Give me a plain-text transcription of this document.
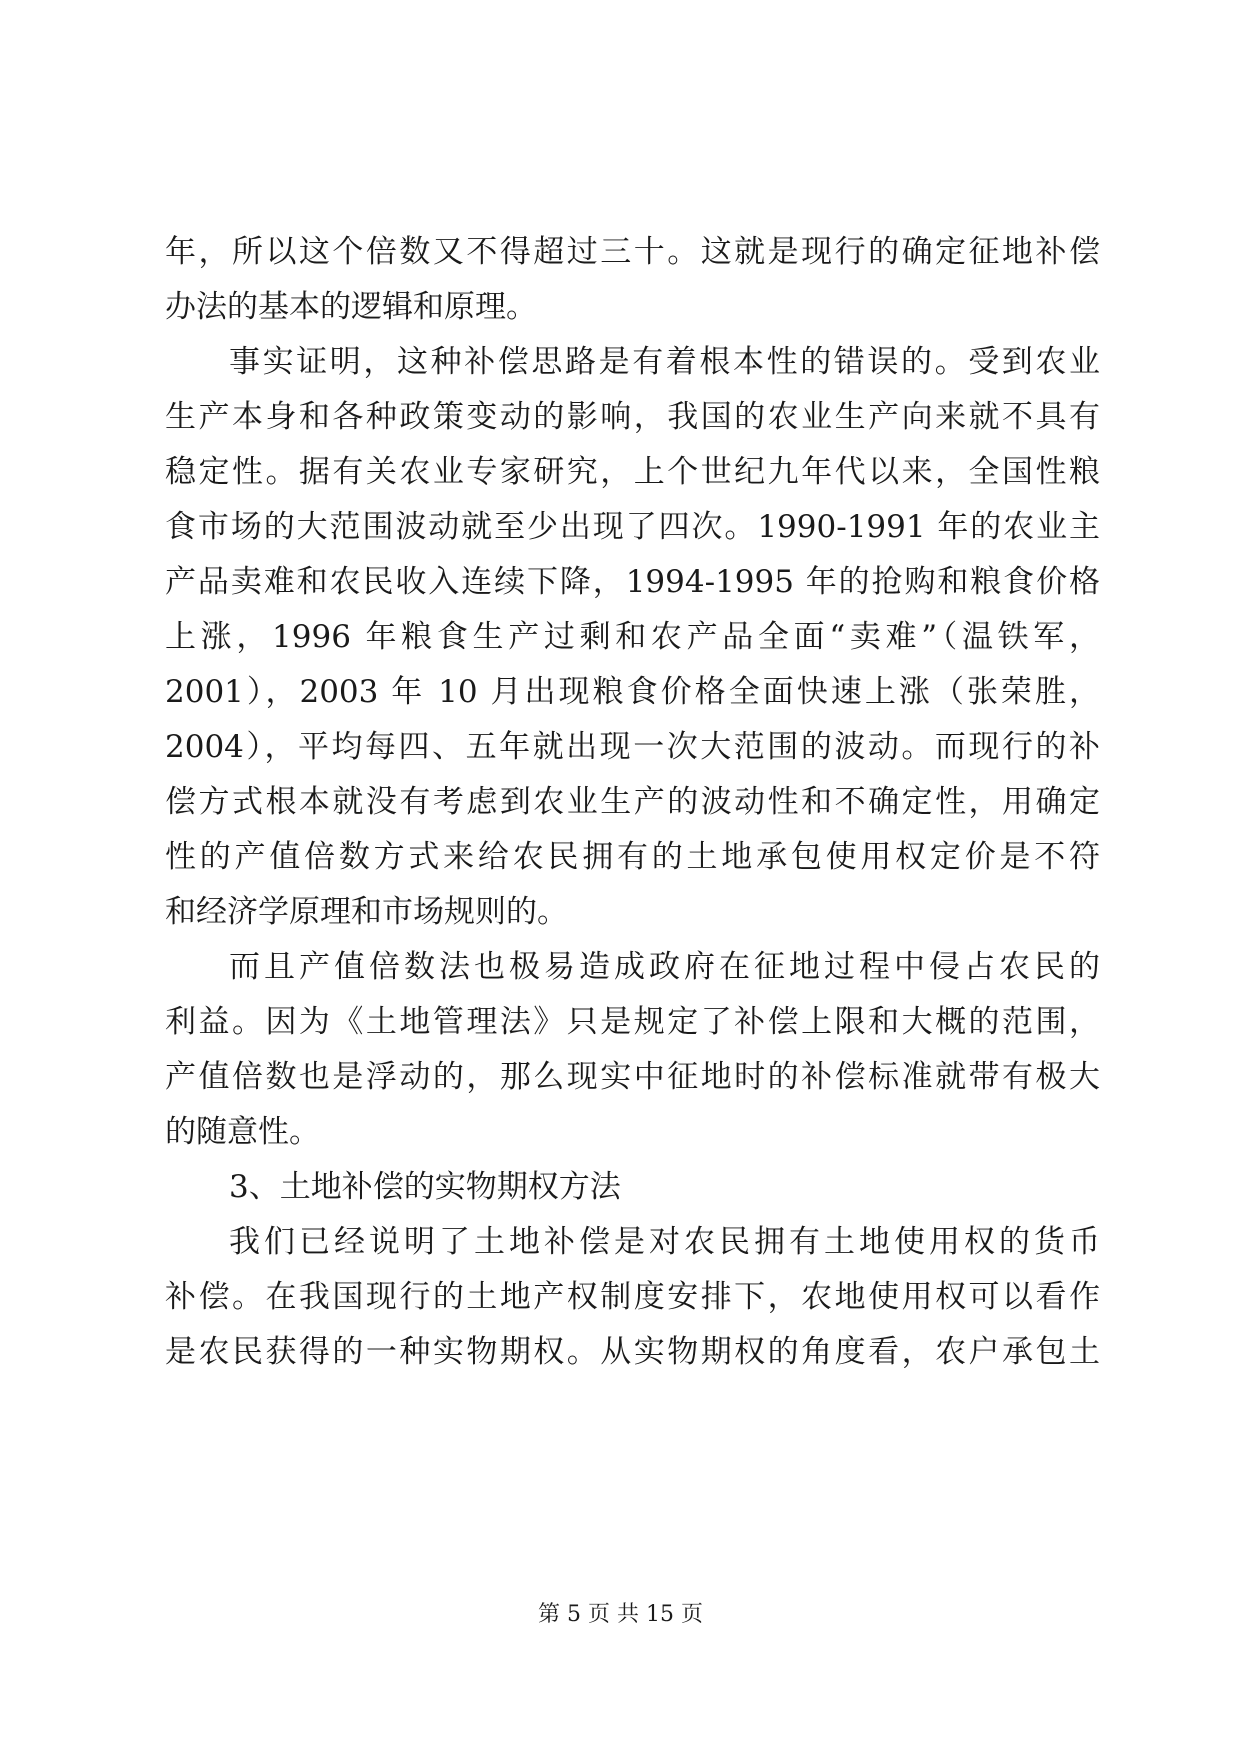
年，所以这个倍数又不得超过三十。这就是现行的确定征地补偿
办法的基本的逻辑和原理。
事实证明，这种补偿思路是有着根本性的错误的。受到农业
生产本身和各种政策变动的影响，我国的农业生产向来就不具有
稳定性。据有关农业专家研究，上个世纪九年代以来，全国性粮
食市场的大范围波动就至少出现了四次。1990-1991 年的农业主
产品卖难和农民收入连续下降，1994-1995 年的抢购和粮食价格
上涨，1996 年粮食生产过剩和农产品全面“卖难”（温铁军，
2001），2003 年 10 月出现粮食价格全面快速上涨（张荣胜，
2004），平均每四、五年就出现一次大范围的波动。而现行的补
偿方式根本就没有考虑到农业生产的波动性和不确定性，用确定
性的产值倍数方式来给农民拥有的土地承包使用权定价是不符
和经济学原理和市场规则的。
而且产值倍数法也极易造成政府在征地过程中侵占农民的
利益。因为《土地管理法》只是规定了补偿上限和大概的范围，
产值倍数也是浮动的，那么现实中征地时的补偿标准就带有极大
的随意性。
3、土地补偿的实物期权方法
我们已经说明了土地补偿是对农民拥有土地使用权的货币
补偿。在我国现行的土地产权制度安排下，农地使用权可以看作
是农民获得的一种实物期权。从实物期权的角度看，农户承包土
第 5 页 共 15 页
